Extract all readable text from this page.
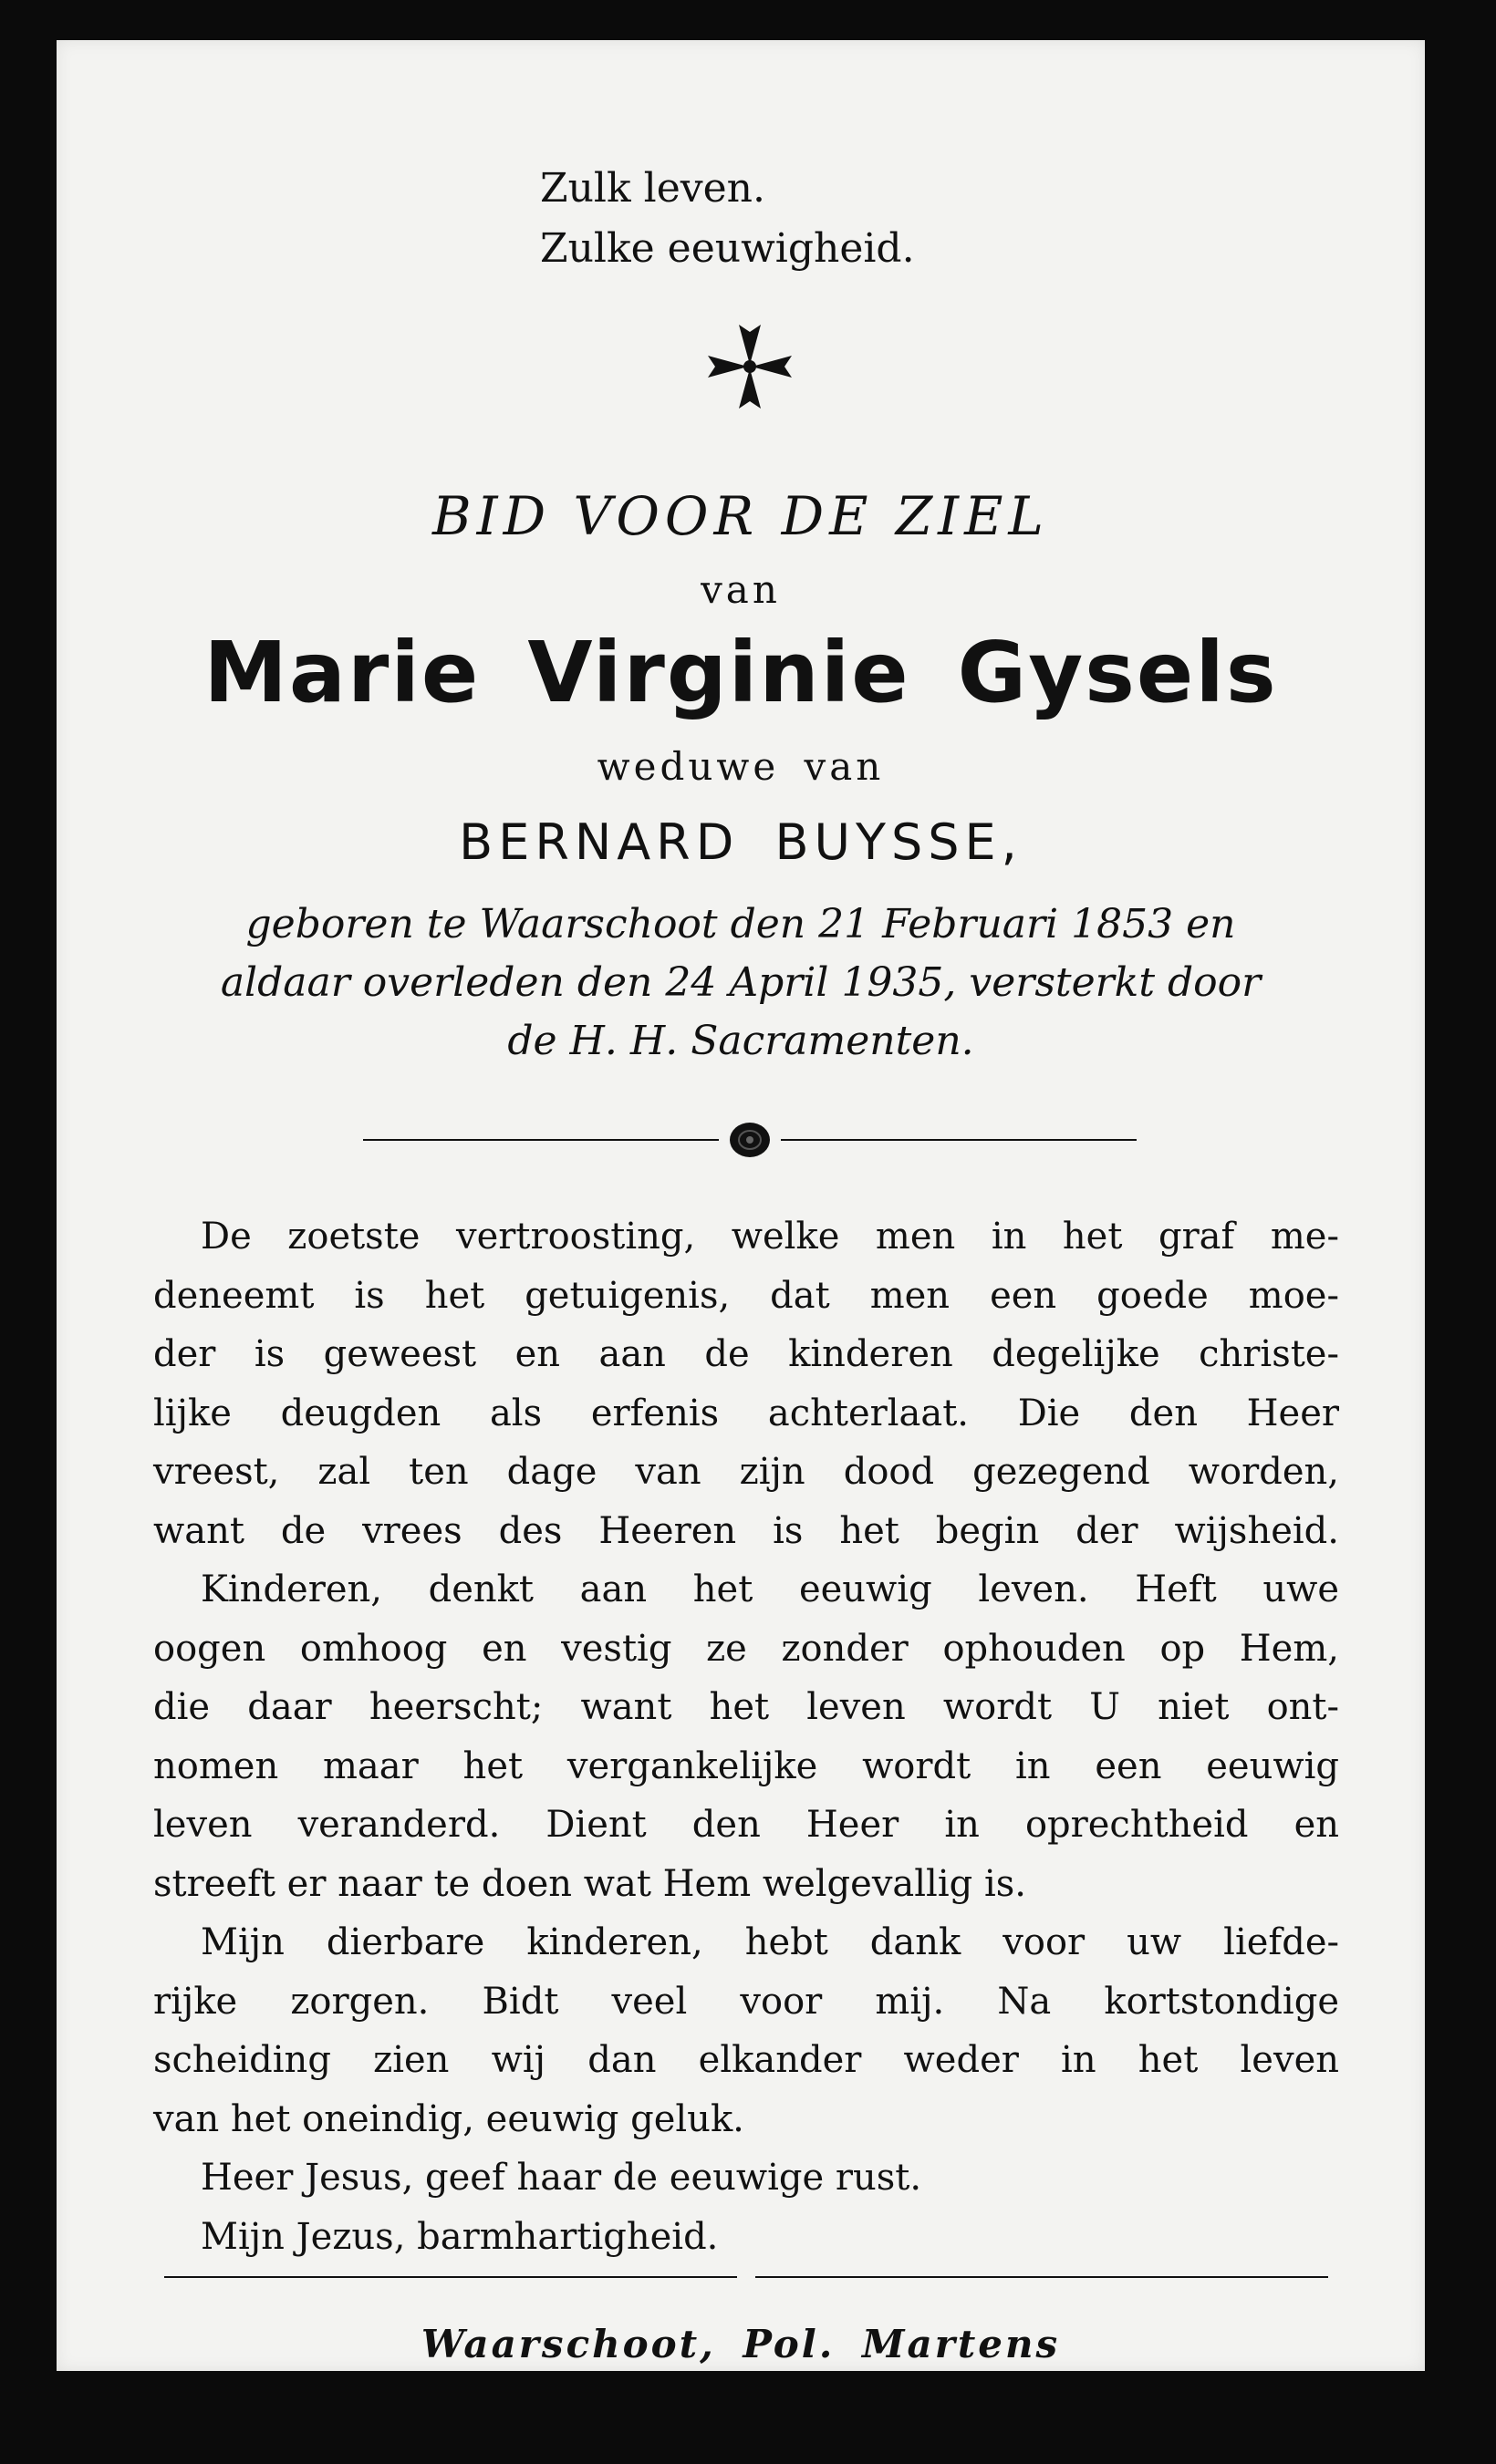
Zulk leven.
Zulke eeuwigheid.
BID VOOR DE ZIEL
van
Marie Virginie Gysels
weduwe van
BERNARD BUYSSE,
geboren te Waarschoot den 21 Februari 1853 en
aldaar overleden den 24 April 1935, versterkt door
de H. H. Sacramenten.
De zoetste vertroosting, welke men in het graf me-
deneemt is het getuigenis, dat men een goede moe-
der is geweest en aan de kinderen degelijke christe-
lijke deugden als erfenis achterlaat. Die den Heer
vreest, zal ten dage van zijn dood gezegend worden,
want de vrees des Heeren is het begin der wijsheid.
Kinderen, denkt aan het eeuwig leven. Heft uwe
oogen omhoog en vestig ze zonder ophouden op Hem,
die daar heerscht; want het leven wordt U niet ont-
nomen maar het vergankelijke wordt in een eeuwig
leven veranderd. Dient den Heer in oprechtheid en
streeft er naar te doen wat Hem welgevallig is.
Mijn dierbare kinderen, hebt dank voor uw liefde-
rijke zorgen. Bidt veel voor mij. Na kortstondige
scheiding zien wij dan elkander weder in het leven
van het oneindig, eeuwig geluk.
Heer Jesus, geef haar de eeuwige rust.
Mijn Jezus, barmhartigheid.
Waarschoot, Pol. Martens
